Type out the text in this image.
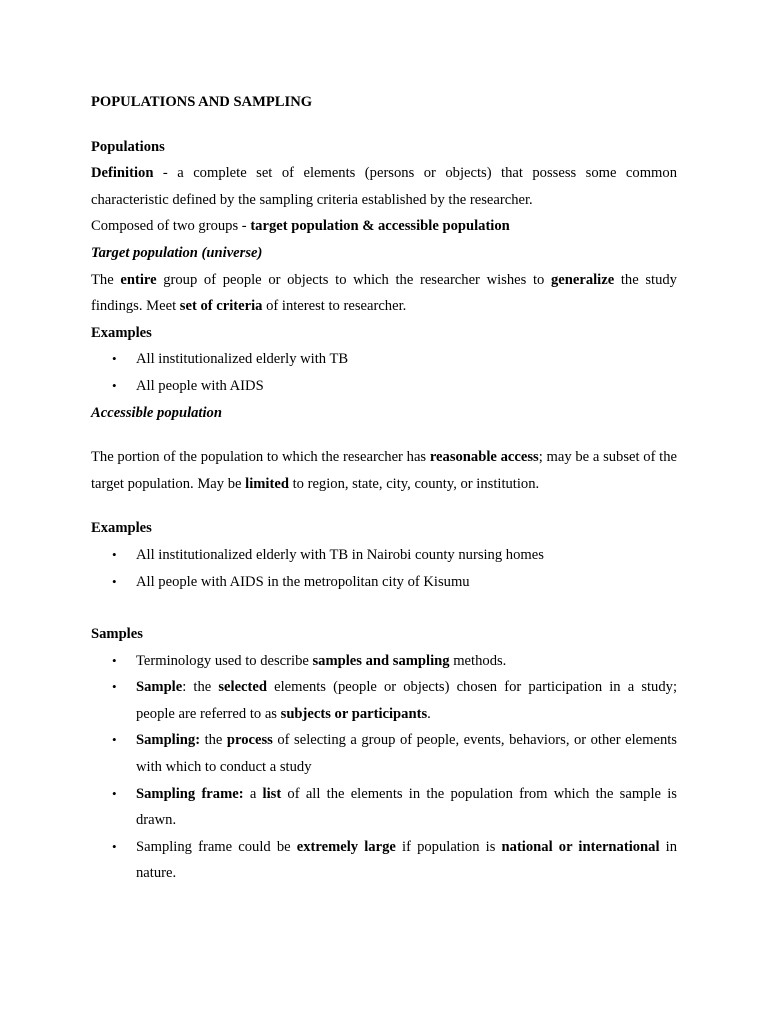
POPULATIONS AND SAMPLING

Populations

Definition - a complete set of elements (persons or objects) that possess some common characteristic defined by the sampling criteria established by the researcher.

Composed of two groups - target population & accessible population

Target population (universe)

The entire group of people or objects to which the researcher wishes to generalize the study findings. Meet set of criteria of interest to researcher.

Examples

• All institutionalized elderly with TB
• All people with AIDS

Accessible population

The portion of the population to which the researcher has reasonable access; may be a subset of the target population. May be limited to region, state, city, county, or institution.

Examples

• All institutionalized elderly with TB in Nairobi county nursing homes
• All people with AIDS in the metropolitan city of Kisumu

Samples

• Terminology used to describe samples and sampling methods.
• Sample: the selected elements (people or objects) chosen for participation in a study; people are referred to as subjects or participants.
• Sampling: the process of selecting a group of people, events, behaviors, or other elements with which to conduct a study
• Sampling frame: a list of all the elements in the population from which the sample is drawn.
• Sampling frame could be extremely large if population is national or international in nature.
